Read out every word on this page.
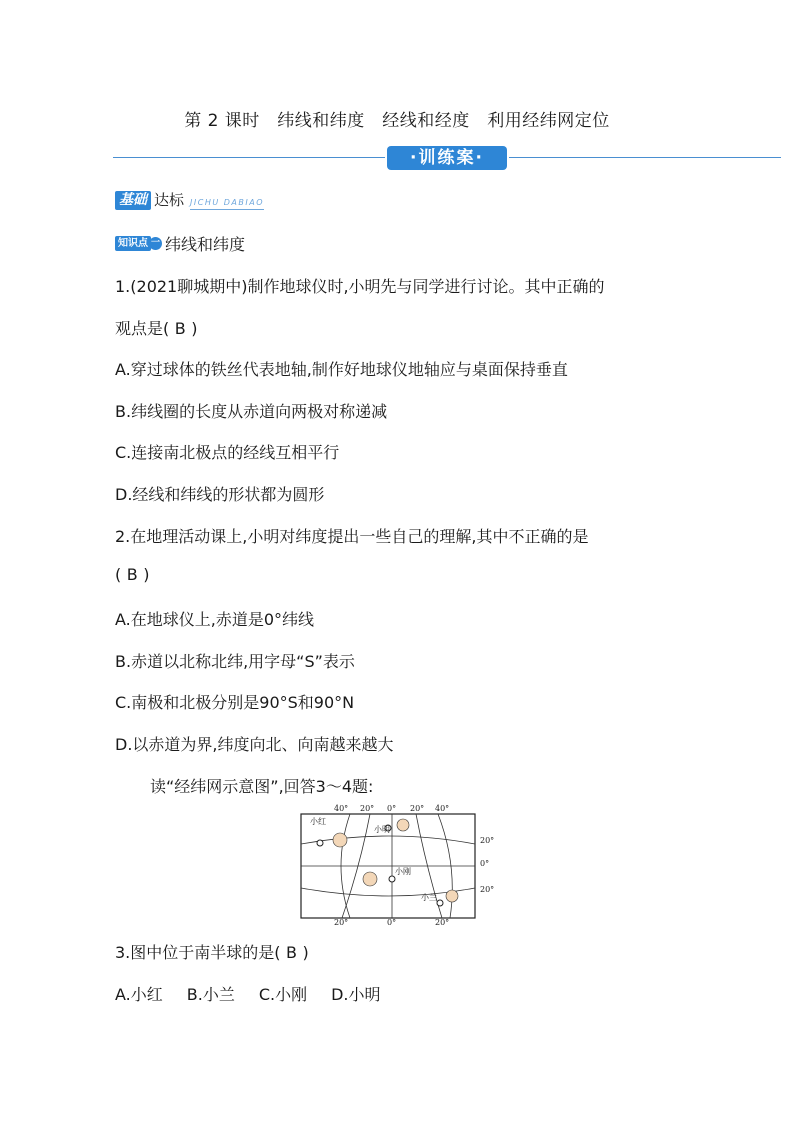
第 2 课时　纬线和纬度　经线和经度　利用经纬网定位
·训练案·
基础 达标 JICHU DABIAO
知识点 一 纬线和纬度
1.(2021聊城期中)制作地球仪时,小明先与同学进行讨论。其中正确的
观点是( B )
A.穿过球体的铁丝代表地轴,制作好地球仪地轴应与桌面保持垂直
B.纬线圈的长度从赤道向两极对称递减
C.连接南北极点的经线互相平行
D.经线和纬线的形状都为圆形
2.在地理活动课上,小明对纬度提出一些自己的理解,其中不正确的是
( B )
A.在地球仪上,赤道是0°纬线
B.赤道以北称北纬,用字母“S”表示
C.南极和北极分别是90°S和90°N
D.以赤道为界,纬度向北、向南越来越大
读“经纬网示意图”,回答3～4题:
40° 20° 0° 20° 40°
20°	0°	20°
20°
0°
20°
小红
小明
小刚
小兰
3.图中位于南半球的是( B )
A.小红 B.小兰 C.小刚 D.小明
